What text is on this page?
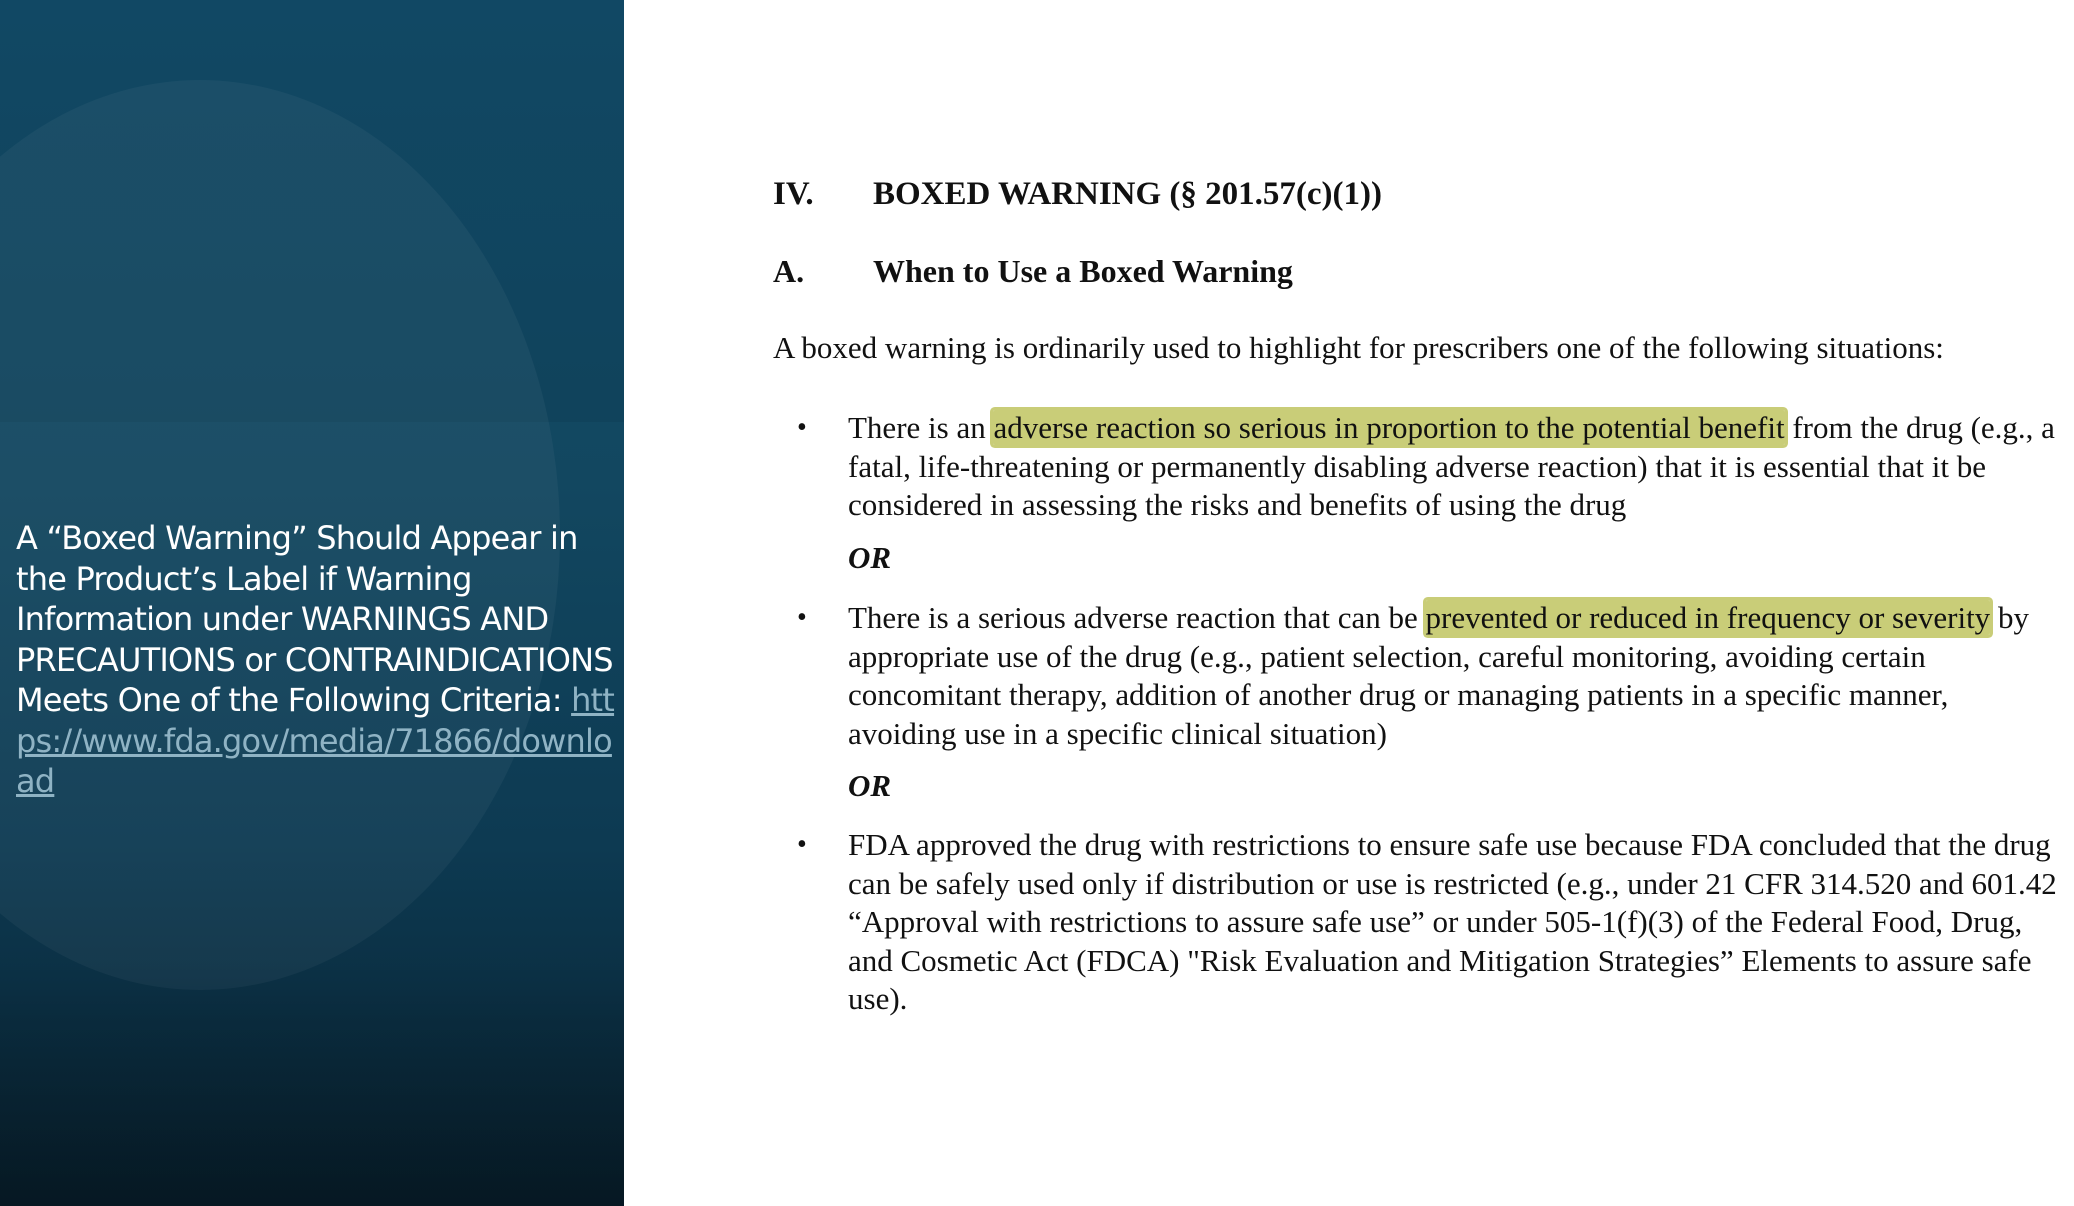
A “Boxed Warning” Should Appear in the Product’s Label if Warning Information under WARNINGS AND PRECAUTIONS or CONTRAINDICATIONS Meets One of the Following Criteria: https://www.fda.gov/media/71866/download
IV. BOXED WARNING (§ 201.57(c)(1))
A. When to Use a Boxed Warning
A boxed warning is ordinarily used to highlight for prescribers one of the following situations:
• There is an adverse reaction so serious in proportion to the potential benefit from the drug (e.g., a fatal, life-threatening or permanently disabling adverse reaction) that it is essential that it be considered in assessing the risks and benefits of using the drug
OR
• There is a serious adverse reaction that can be prevented or reduced in frequency or severity by appropriate use of the drug (e.g., patient selection, careful monitoring, avoiding certain concomitant therapy, addition of another drug or managing patients in a specific manner, avoiding use in a specific clinical situation)
OR
• FDA approved the drug with restrictions to ensure safe use because FDA concluded that the drug can be safely used only if distribution or use is restricted (e.g., under 21 CFR 314.520 and 601.42 “Approval with restrictions to assure safe use” or under 505-1(f)(3) of the Federal Food, Drug, and Cosmetic Act (FDCA) "Risk Evaluation and Mitigation Strategies” Elements to assure safe use).
